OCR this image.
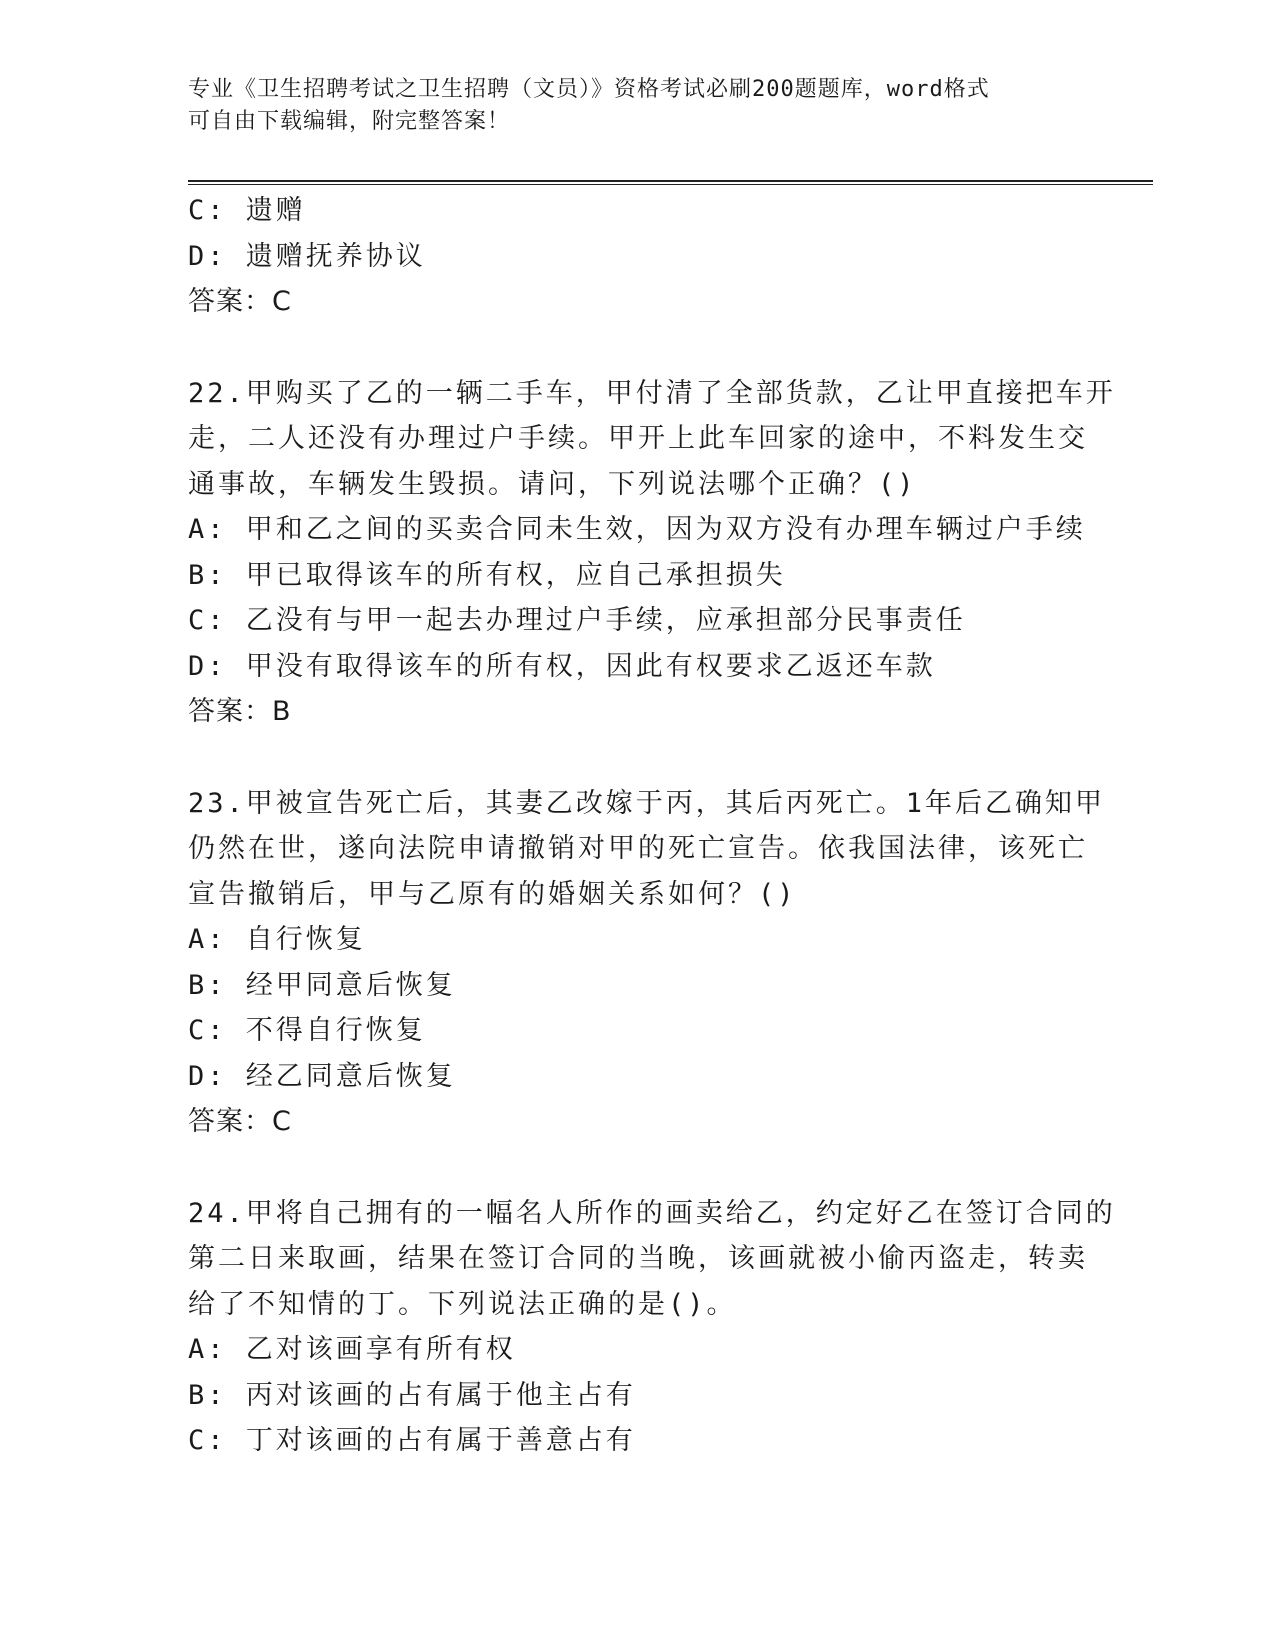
专业《卫生招聘考试之卫生招聘（文员）》资格考试必刷200题题库，word格式
可自由下载编辑，附完整答案！
C: 遗赠
D: 遗赠抚养协议
答案：C
22.甲购买了乙的一辆二手车，甲付清了全部货款，乙让甲直接把车开
走，二人还没有办理过户手续。甲开上此车回家的途中，不料发生交
通事故，车辆发生毁损。请问，下列说法哪个正确？()
A: 甲和乙之间的买卖合同未生效，因为双方没有办理车辆过户手续
B: 甲已取得该车的所有权，应自己承担损失
C: 乙没有与甲一起去办理过户手续，应承担部分民事责任
D: 甲没有取得该车的所有权，因此有权要求乙返还车款
答案：B
23.甲被宣告死亡后，其妻乙改嫁于丙，其后丙死亡。1年后乙确知甲
仍然在世，遂向法院申请撤销对甲的死亡宣告。依我国法律，该死亡
宣告撤销后，甲与乙原有的婚姻关系如何？()
A: 自行恢复
B: 经甲同意后恢复
C: 不得自行恢复
D: 经乙同意后恢复
答案：C
24.甲将自己拥有的一幅名人所作的画卖给乙，约定好乙在签订合同的
第二日来取画，结果在签订合同的当晚，该画就被小偷丙盗走，转卖
给了不知情的丁。下列说法正确的是()。
A: 乙对该画享有所有权
B: 丙对该画的占有属于他主占有
C: 丁对该画的占有属于善意占有
